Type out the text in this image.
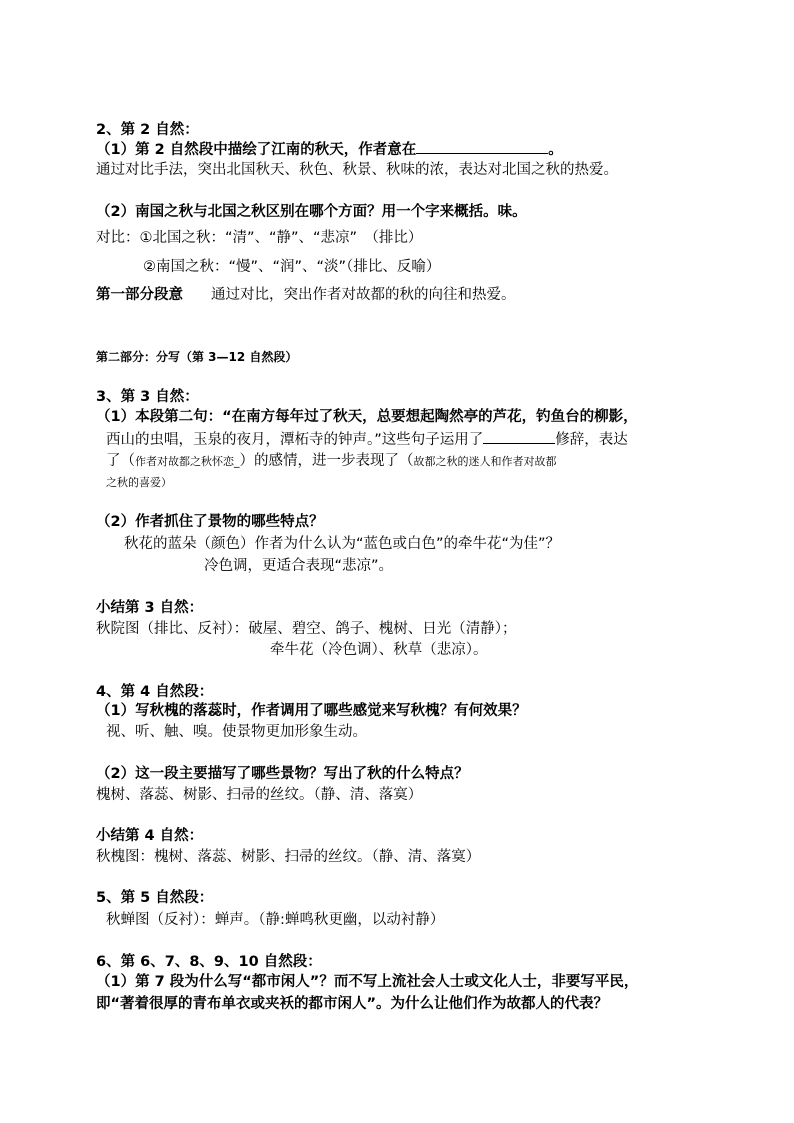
2、第 2 自然：
（1）第 2 自然段中描绘了江南的秋天，作者意在	。
通过对比手法，突出北国秋天、秋色、秋景、秋味的浓，表达对北国之秋的热爱。
（2）南国之秋与北国之秋区别在哪个方面？用一个字来概括。味。
对比：①北国之秋：“清”、“静”、“悲凉”　（排比）
②南国之秋：“慢”、“润”、“淡”（排比、反喻）
第一部分段意 通过对比，突出作者对故都的秋的向往和热爱。
第二部分：分写（第 3—12 自然段）
3、第 3 自然：
（1）本段第二句：“在南方每年过了秋天，总要想起陶然亭的芦花，钓鱼台的柳影，
西山的虫唱，玉泉的夜月，潭柘寺的钟声。”这些句子运用了	修辞，表达
了（作者对故都之秋怀恋_）的感情，进一步表现了（故都之秋的迷人和作者对故都
之秋的喜爱）
（2）作者抓住了景物的哪些特点？
秋花的蓝朵（颜色）作者为什么认为“蓝色或白色”的牵牛花“为佳”？
冷色调，更适合表现“悲凉”。
小结第 3 自然：
秋院图（排比、反衬）：破屋、碧空、鸽子、槐树、日光（清静）；
牵牛花（冷色调）、秋草（悲凉）。
4、第 4 自然段：
（1）写秋槐的落蕊时，作者调用了哪些感觉来写秋槐？有何效果？
视、听、触、嗅。使景物更加形象生动。
（2）这一段主要描写了哪些景物？写出了秋的什么特点？
槐树、落蕊、树影、扫帚的丝纹。（静、清、落寞）
小结第 4 自然：
秋槐图：槐树、落蕊、树影、扫帚的丝纹。（静、清、落寞）
5、第 5 自然段：
秋蝉图（反衬）：蝉声。（静:蝉鸣秋更幽，以动衬静）
6、第 6、7、8、9、10 自然段：
（1）第 7 段为什么写“都市闲人”？而不写上流社会人士或文化人士，非要写平民，
即“著着很厚的青布单衣或夹袄的都市闲人”。为什么让他们作为故都人的代表？
